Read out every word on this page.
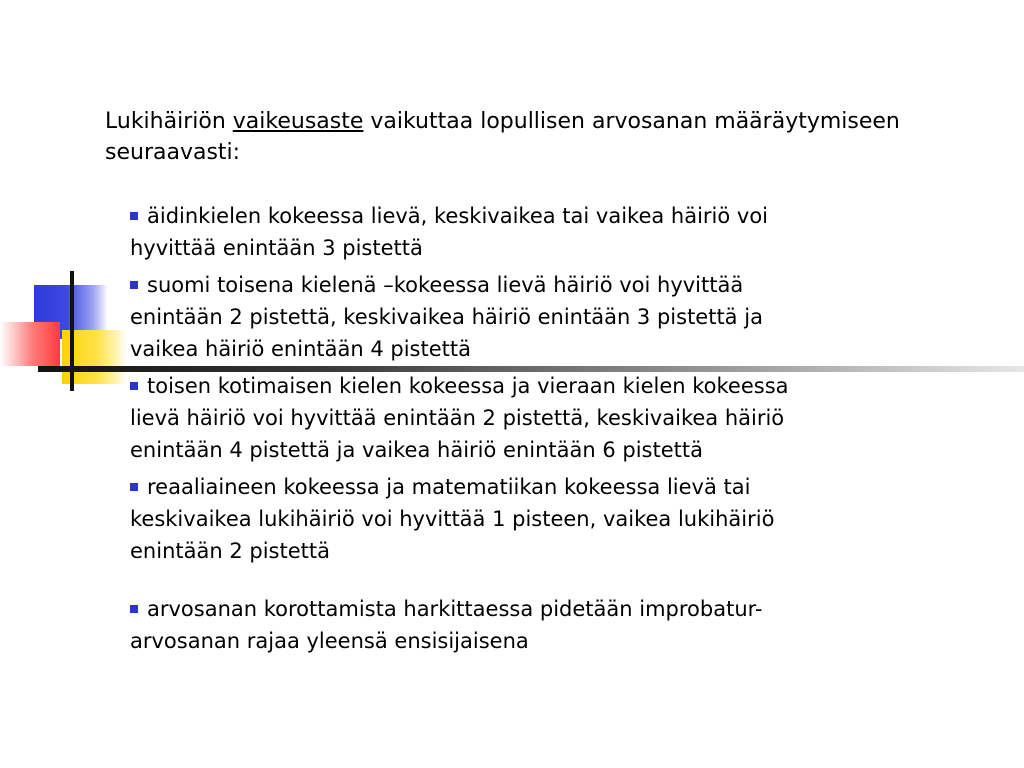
Lukihäiriön vaikeusaste vaikuttaa lopullisen arvosanan määräytymiseen seuraavasti:
äidinkielen kokeessa lievä, keskivaikea tai vaikea häiriö voi hyvittää enintään 3 pistettä
suomi toisena kielenä –kokeessa lievä häiriö voi hyvittää enintään 2 pistettä, keskivaikea häiriö enintään 3 pistettä ja vaikea häiriö enintään 4 pistettä
toisen kotimaisen kielen kokeessa ja vieraan kielen kokeessa lievä häiriö voi hyvittää enintään 2 pistettä, keskivaikea häiriö enintään 4 pistettä ja vaikea häiriö enintään 6 pistettä
reaaliaineen kokeessa ja matematiikan kokeessa lievä tai keskivaikea lukihäiriö voi hyvittää 1 pisteen, vaikea lukihäiriö enintään 2 pistettä
arvosanan korottamista harkittaessa pidetään improbatur-arvosanan rajaa yleensä ensisijaisena
